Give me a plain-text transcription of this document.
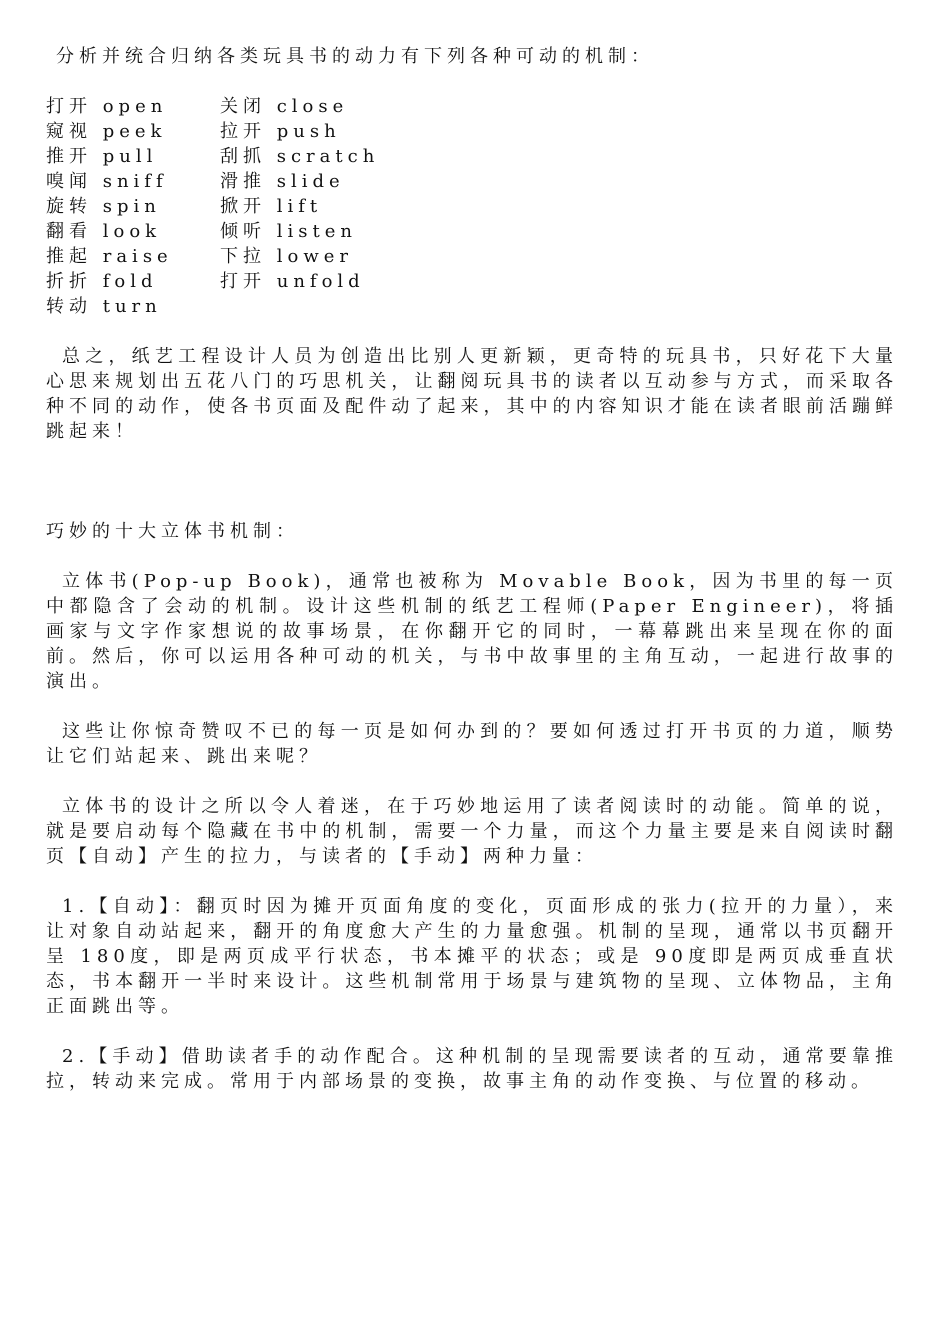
分析并统合归纳各类玩具书的动力有下列各种可动的机制：

打开 open	关闭 close
窥视 peek	拉开 push
推开 pull	刮抓 scratch
嗅闻 sniff	滑推 slide
旋转 spin	掀开 lift
翻看 look	倾听 listen
推起 raise	下拉 lower
折折 fold	打开 unfold
转动 turn

总之，纸艺工程设计人员为创造出比别人更新颖，更奇特的玩具书，只好花下大量心思来规划出五花八门的巧思机关，让翻阅玩具书的读者以互动参与方式，而采取各种不同的动作，使各书页面及配件动了起来，其中的内容知识才能在读者眼前活蹦鲜跳起来！

巧妙的十大立体书机制：

立体书(Pop-up Book)，通常也被称为 Movable Book，因为书里的每一页中都隐含了会动的机制。设计这些机制的纸艺工程师(Paper Engineer)，将插画家与文字作家想说的故事场景，在你翻开它的同时，一幕幕跳出来呈现在你的面前。然后，你可以运用各种可动的机关，与书中故事里的主角互动，一起进行故事的演出。

这些让你惊奇赞叹不已的每一页是如何办到的？要如何透过打开书页的力道，顺势让它们站起来、跳出来呢？

立体书的设计之所以令人着迷，在于巧妙地运用了读者阅读时的动能。简单的说，就是要启动每个隐藏在书中的机制，需要一个力量，而这个力量主要是来自阅读时翻页【自动】产生的拉力，与读者的【手动】两种力量：

1.【自动】：翻页时因为摊开页面角度的变化，页面形成的张力(拉开的力量），来让对象自动站起来，翻开的角度愈大产生的力量愈强。机制的呈现，通常以书页翻开呈 180度，即是两页成平行状态，书本摊平的状态；或是 90度即是两页成垂直状态，书本翻开一半时来设计。这些机制常用于场景与建筑物的呈现、立体物品，主角正面跳出等。

2.【手动】借助读者手的动作配合。这种机制的呈现需要读者的互动，通常要靠推拉，转动来完成。常用于内部场景的变换，故事主角的动作变换、与位置的移动。
